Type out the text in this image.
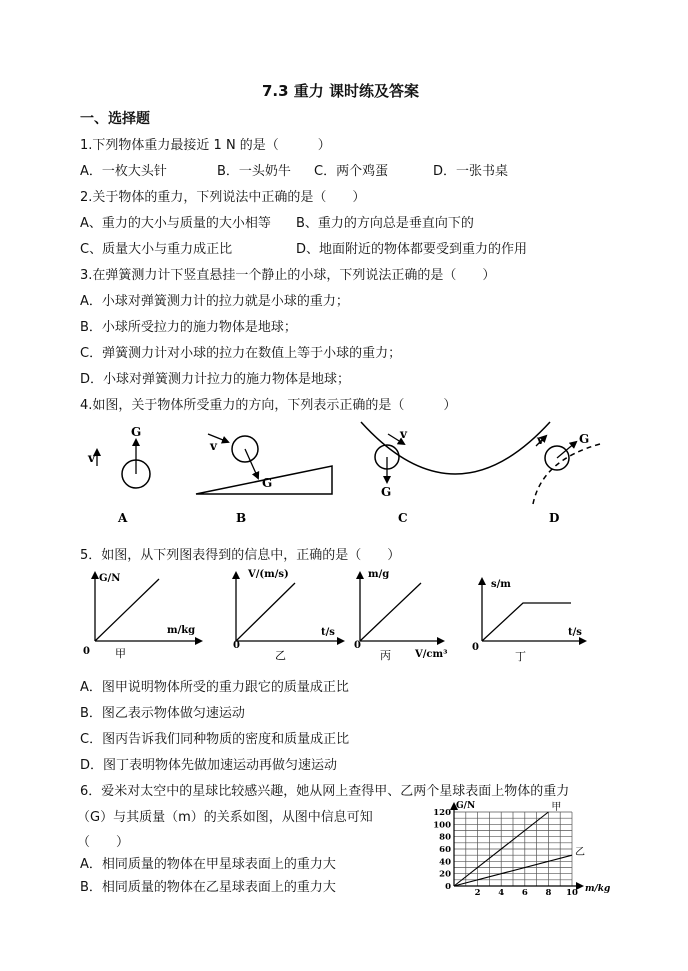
7.3 重力 课时练及答案
一、选择题
1.下列物体重力最接近 1 N 的是（　　　）
A．一枚大头针	B．一头奶牛 C．两个鸡蛋	D．一张书桌
2.关于物体的重力，下列说法中正确的是（　　）
A、重力的大小与质量的大小相等 B、重力的方向总是垂直向下的
C、质量大小与重力成正比	D、地面附近的物体都要受到重力的作用
3.在弹簧测力计下竖直悬挂一个静止的小球，下列说法正确的是（　　）
A．小球对弹簧测力计的拉力就是小球的重力；
B．小球所受拉力的施力物体是地球；
C．弹簧测力计对小球的拉力在数值上等于小球的重力；
D．小球对弹簧测力计拉力的施力物体是地球；
4.如图，关于物体所受重力的方向，下列表示正确的是（　　　）
v
G
A
v
G
B
v
G
C
v	G
D
5．如图，从下列图表得到的信息中，正确的是（　　）
G/N
m/kg
0 甲
V/(m/s)
t/s
0
乙
m/g
V/cm³
0
丙
s/m
t/s
0
丁
A．图甲说明物体所受的重力跟它的质量成正比
B．图乙表示物体做匀速运动
C．图丙告诉我们同种物质的密度和质量成正比
D．图丁表明物体先做加速运动再做匀速运动
6．爱米对太空中的星球比较感兴趣，她从网上查得甲、乙两个星球表面上物体的重力
（G）与其质量（m）的关系如图，从图中信息可知
（　　）
A．相同质量的物体在甲星球表面上的重力大
B．相同质量的物体在乙星球表面上的重力大	0
20
40
60
80
100
120
2 4 6 8 10
甲
乙
G/N
m/kg
